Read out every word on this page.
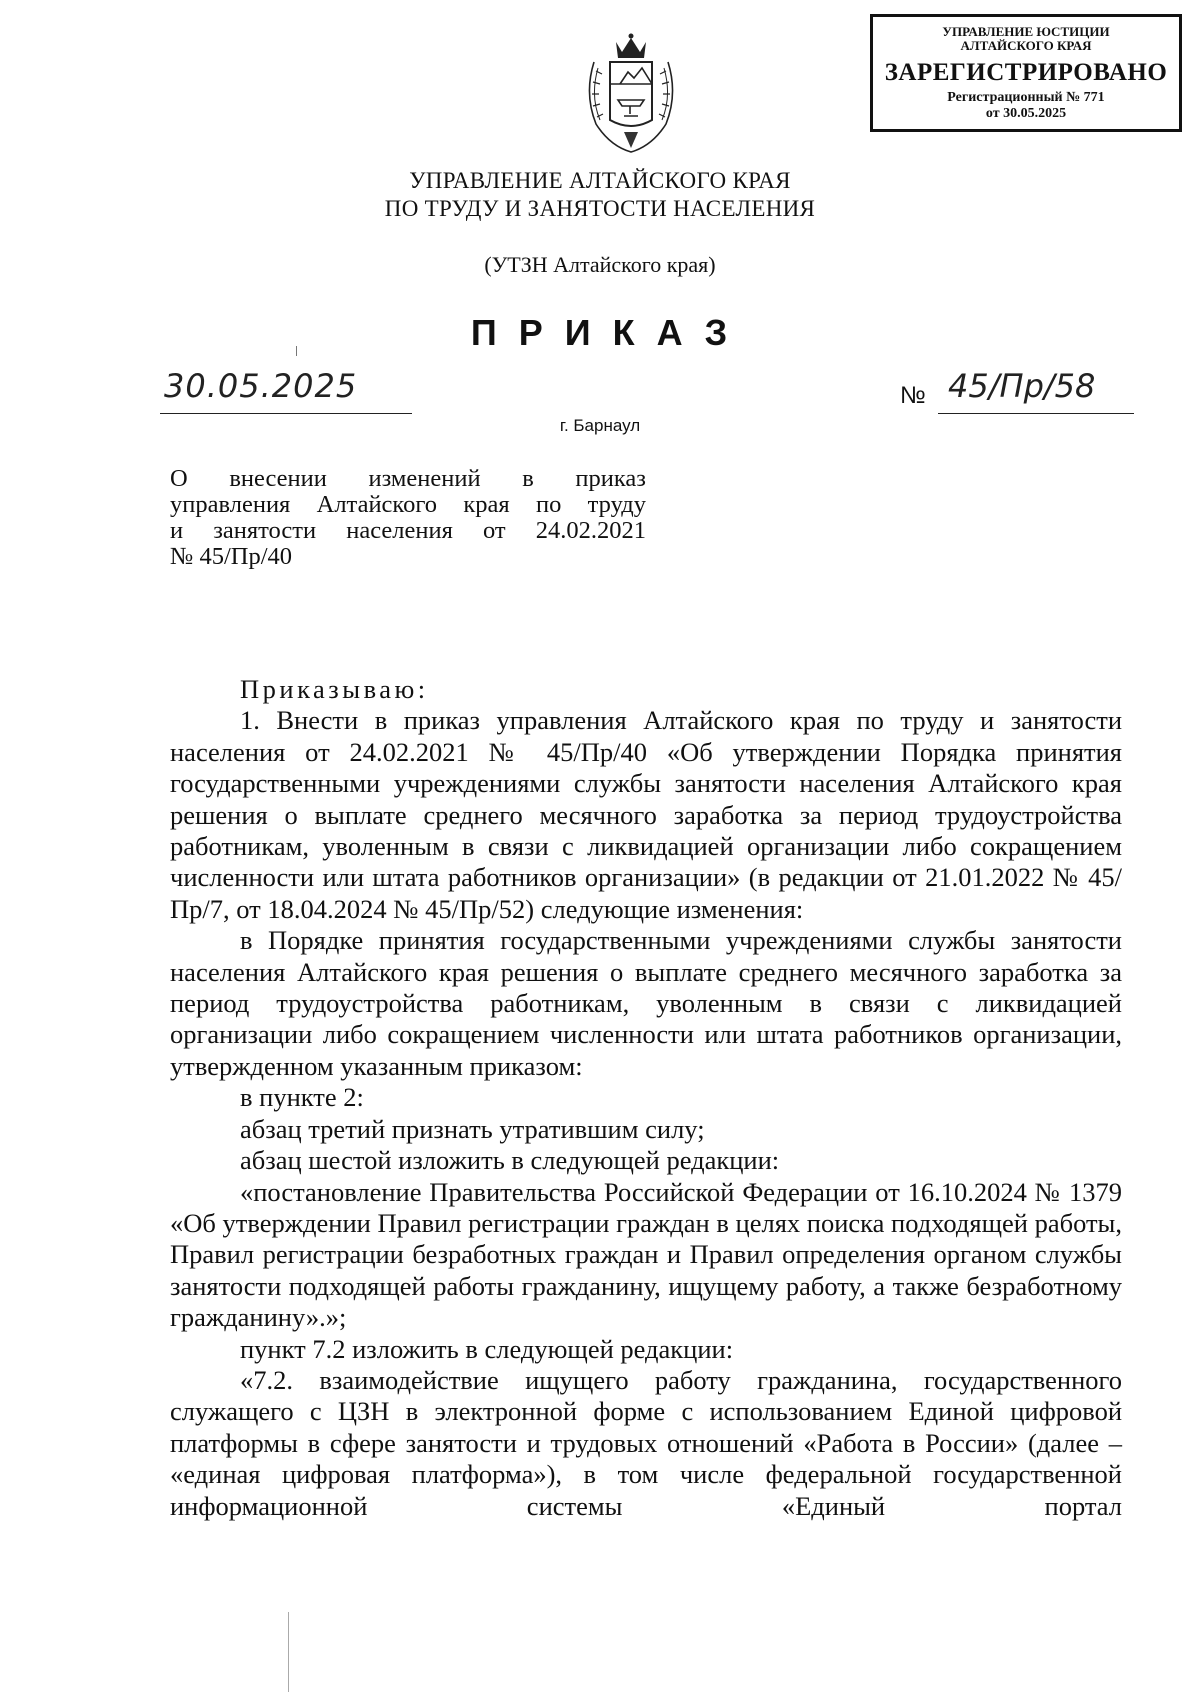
УПРАВЛЕНИЕ ЮСТИЦИИ
АЛТАЙСКОГО КРАЯ
ЗАРЕГИСТРИРОВАНО
Регистрационный № 771
от 30.05.2025
УПРАВЛЕНИЕ АЛТАЙСКОГО КРАЯ
ПО ТРУДУ И ЗАНЯТОСТИ НАСЕЛЕНИЯ
(УТЗН Алтайского края)
ПРИКАЗ
30.05.2025	№ 45/Пр/58
г. Барнаул
О внесении изменений в приказ
управления Алтайского края по труду
и занятости населения от 24.02.2021
№ 45/Пр/40

Приказываю:

1. Внести в приказ управления Алтайского края по труду и занятости населения от 24.02.2021 № 45/Пр/40 «Об утверждении Порядка принятия государственными учреждениями службы занятости населения Алтайского края решения о выплате среднего месячного заработка за период трудоустройства работникам, уволенным в связи с ликвидацией организации либо сокращением численности или штата работников организации» (в редакции от 21.01.2022 № 45/Пр/7, от 18.04.2024 № 45/Пр/52) следующие изменения:

в Порядке принятия государственными учреждениями службы занятости населения Алтайского края решения о выплате среднего месячного заработка за период трудоустройства работникам, уволенным в связи с ликвидацией организации либо сокращением численности или штата работников организации, утвержденном указанным приказом:

в пункте 2:

абзац третий признать утратившим силу;

абзац шестой изложить в следующей редакции:

«постановление Правительства Российской Федерации от 16.10.2024 № 1379 «Об утверждении Правил регистрации граждан в целях поиска подходящей работы, Правил регистрации безработных граждан и Правил определения органом службы занятости подходящей работы гражданину, ищущему работу, а также безработному гражданину».»;

пункт 7.2 изложить в следующей редакции:

«7.2. взаимодействие ищущего работу гражданина, государственного служащего с ЦЗН в электронной форме с использованием Единой цифровой платформы в сфере занятости и трудовых отношений «Работа в России» (далее – «единая цифровая платформа»), в том числе федеральной государственной информационной системы «Единый портал
